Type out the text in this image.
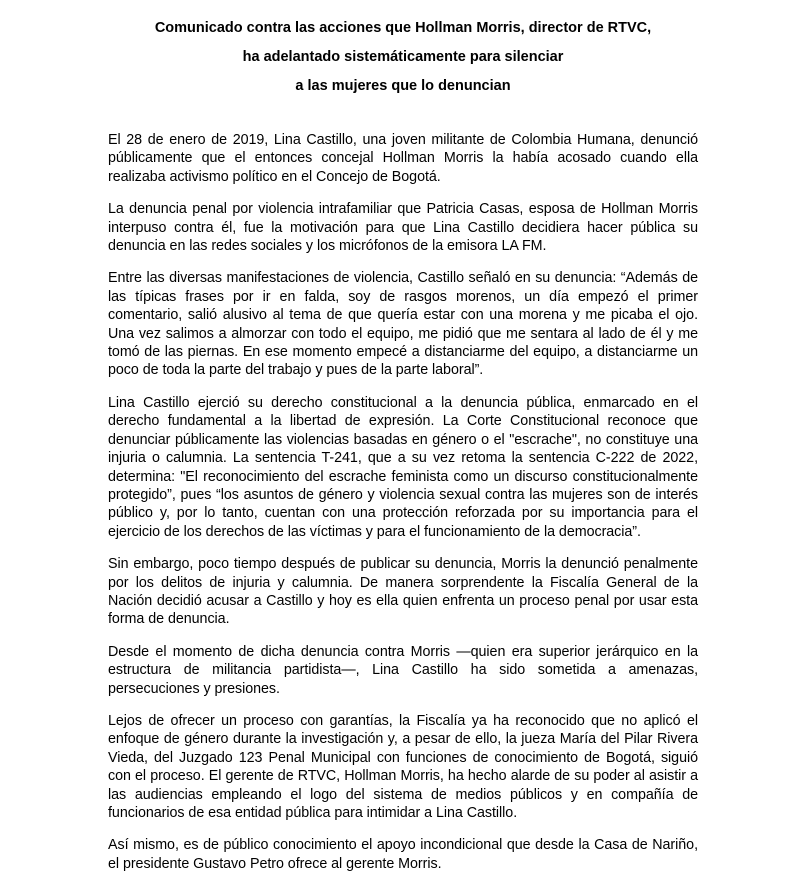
Comunicado contra las acciones que Hollman Morris, director de RTVC,
ha adelantado sistemáticamente para silenciar
a las mujeres que lo denuncian

El 28 de enero de 2019, Lina Castillo, una joven militante de Colombia Humana, denunció públicamente que el entonces concejal Hollman Morris la había acosado cuando ella realizaba activismo político en el Concejo de Bogotá.

La denuncia penal por violencia intrafamiliar que Patricia Casas, esposa de Hollman Morris interpuso contra él, fue la motivación para que Lina Castillo decidiera hacer pública su denuncia en las redes sociales y los micrófonos de la emisora LA FM.

Entre las diversas manifestaciones de violencia, Castillo señaló en su denuncia: “Además de las típicas frases por ir en falda, soy de rasgos morenos, un día empezó el primer comentario, salió alusivo al tema de que quería estar con una morena y me picaba el ojo. Una vez salimos a almorzar con todo el equipo, me pidió que me sentara al lado de él y me tomó de las piernas. En ese momento empecé a distanciarme del equipo, a distanciarme un poco de toda la parte del trabajo y pues de la parte laboral”.

Lina Castillo ejerció su derecho constitucional a la denuncia pública, enmarcado en el derecho fundamental a la libertad de expresión. La Corte Constitucional reconoce que denunciar públicamente las violencias basadas en género o el "escrache", no constituye una injuria o calumnia. La sentencia T-241, que a su vez retoma la sentencia C-222 de 2022, determina: "El reconocimiento del escrache feminista como un discurso constitucionalmente protegido”, pues “los asuntos de género y violencia sexual contra las mujeres son de interés público y, por lo tanto, cuentan con una protección reforzada por su importancia para el ejercicio de los derechos de las víctimas y para el funcionamiento de la democracia”.

Sin embargo, poco tiempo después de publicar su denuncia, Morris la denunció penalmente por los delitos de injuria y calumnia. De manera sorprendente la Fiscalía General de la Nación decidió acusar a Castillo y hoy es ella quien enfrenta un proceso penal por usar esta forma de denuncia.

Desde el momento de dicha denuncia contra Morris —quien era superior jerárquico en la estructura de militancia partidista—, Lina Castillo ha sido sometida a amenazas, persecuciones y presiones.

Lejos de ofrecer un proceso con garantías, la Fiscalía ya ha reconocido que no aplicó el enfoque de género durante la investigación y, a pesar de ello, la jueza María del Pilar Rivera Vieda, del Juzgado 123 Penal Municipal con funciones de conocimiento de Bogotá, siguió con el proceso. El gerente de RTVC, Hollman Morris, ha hecho alarde de su poder al asistir a las audiencias empleando el logo del sistema de medios públicos y en compañía de funcionarios de esa entidad pública para intimidar a Lina Castillo.

Así mismo, es de público conocimiento el apoyo incondicional que desde la Casa de Nariño, el presidente Gustavo Petro ofrece al gerente Morris.
